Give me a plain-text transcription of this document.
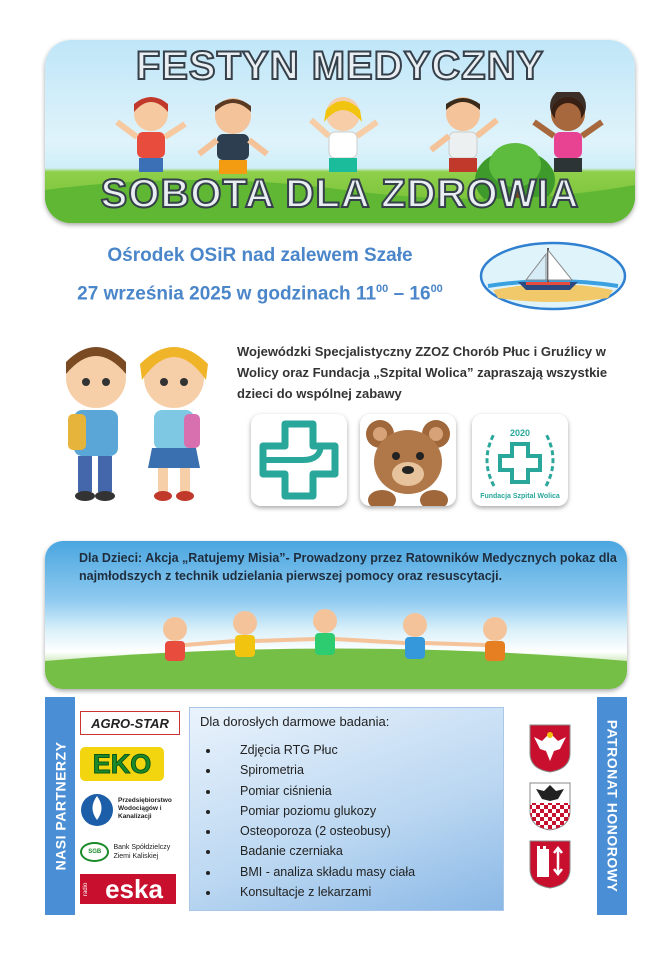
FESTYN MEDYCZNY
SOBOTA DLA ZDROWIA
Ośrodek OSiR nad zalewem Szałe
27 września 2025 w godzinach $11^{00} - 16^{00}$
Wojewódzki Specjalistyczny ZZOZ Chorób Płuc i Gruźlicy w Wolicy oraz Fundacja „Szpital Wolica” zapraszają wszystkie dzieci do wspólnej zabawy
2020
Fundacja Szpital Wolica
Dla Dzieci: Akcja „Ratujemy Misia”- Prowadzony przez Ratowników Medycznych pokaz dla najmłodszych z technik udzielania pierwszej pomocy oraz resuscytacji.
NASI PARTNERZY
AGRO-STAR
EKO
Przedsiębiorstwo Wodociągów i Kanalizacji
SGB
Bank Spółdzielczy Ziemi Kaliskiej
radio eska
Dla dorosłych darmowe badania:
• Zdjęcia RTG Płuc
• Spirometria
• Pomiar ciśnienia
• Pomiar poziomu glukozy
• Osteoporoza (2 osteobusy)
• Badanie czerniaka
• BMI - analiza składu masy ciała
• Konsultacje z lekarzami	PATRONAT HONOROWY
